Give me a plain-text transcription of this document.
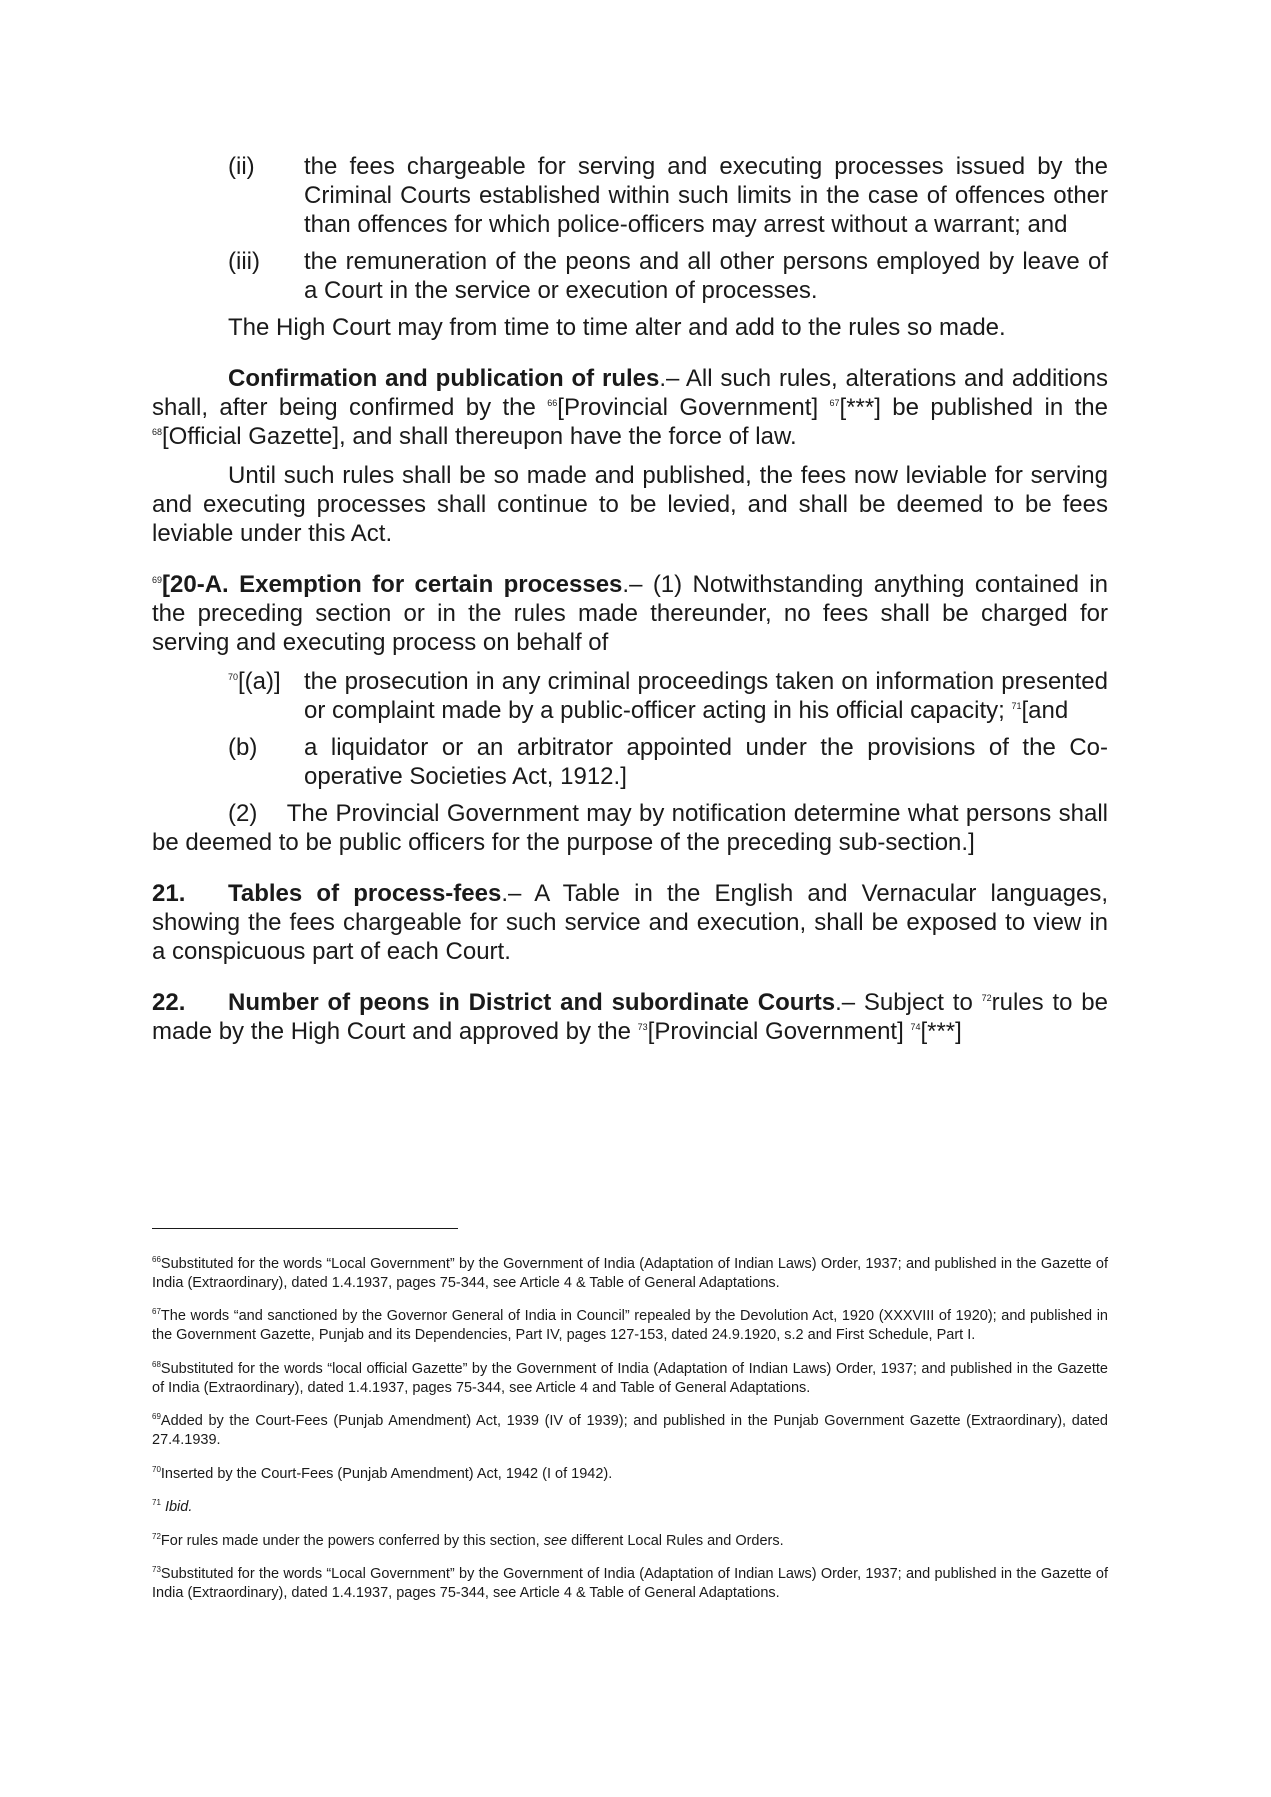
(ii)	the fees chargeable for serving and executing processes issued by the Criminal Courts established within such limits in the case of offences other than offences for which police-officers may arrest without a warrant; and
(iii)	the remuneration of the peons and all other persons employed by leave of a Court in the service or execution of processes.

The High Court may from time to time alter and add to the rules so made.

Confirmation and publication of rules.– All such rules, alterations and additions shall, after being confirmed by the $^{66}$[Provincial Government] $^{67}$[***] be published in the $^{68}$[Official Gazette], and shall thereupon have the force of law.

Until such rules shall be so made and published, the fees now leviable for serving and executing processes shall continue to be levied, and shall be deemed to be fees leviable under this Act.

$^{69}$[20-A. Exemption for certain processes.– (1) Notwithstanding anything contained in the preceding section or in the rules made thereunder, no fees shall be charged for serving and executing process on behalf of

$^{70}$[(a)] the prosecution in any criminal proceedings taken on information presented or complaint made by a public-officer acting in his official capacity; $^{71}$[and
(b)	a liquidator or an arbitrator appointed under the provisions of the Co-operative Societies Act, 1912.]

(2) The Provincial Government may by notification determine what persons shall be deemed to be public officers for the purpose of the preceding sub-section.]

21. Tables of process-fees.– A Table in the English and Vernacular languages, showing the fees chargeable for such service and execution, shall be exposed to view in a conspicuous part of each Court.

22. Number of peons in District and subordinate Courts.– Subject to $^{72}$rules to be made by the High Court and approved by the $^{73}$[Provincial Government] $^{74}$[***]

$^{66}$Substituted for the words “Local Government” by the Government of India (Adaptation of Indian Laws) Order, 1937; and published in the Gazette of India (Extraordinary), dated 1.4.1937, pages 75-344, see Article 4 & Table of General Adaptations.

$^{67}$The words “and sanctioned by the Governor General of India in Council” repealed by the Devolution Act, 1920 (XXXVIII of 1920); and published in the Government Gazette, Punjab and its Dependencies, Part IV, pages 127-153, dated 24.9.1920, s.2 and First Schedule, Part I.

$^{68}$Substituted for the words “local official Gazette” by the Government of India (Adaptation of Indian Laws) Order, 1937; and published in the Gazette of India (Extraordinary), dated 1.4.1937, pages 75-344, see Article 4 and Table of General Adaptations.

$^{69}$Added by the Court-Fees (Punjab Amendment) Act, 1939 (IV of 1939); and published in the Punjab Government Gazette (Extraordinary), dated 27.4.1939.

$^{70}$Inserted by the Court-Fees (Punjab Amendment) Act, 1942 (I of 1942).

$^{71}$ Ibid.

$^{72}$For rules made under the powers conferred by this section, see different Local Rules and Orders.

$^{73}$Substituted for the words “Local Government” by the Government of India (Adaptation of Indian Laws) Order, 1937; and published in the Gazette of India (Extraordinary), dated 1.4.1937, pages 75-344, see Article 4 & Table of General Adaptations.
